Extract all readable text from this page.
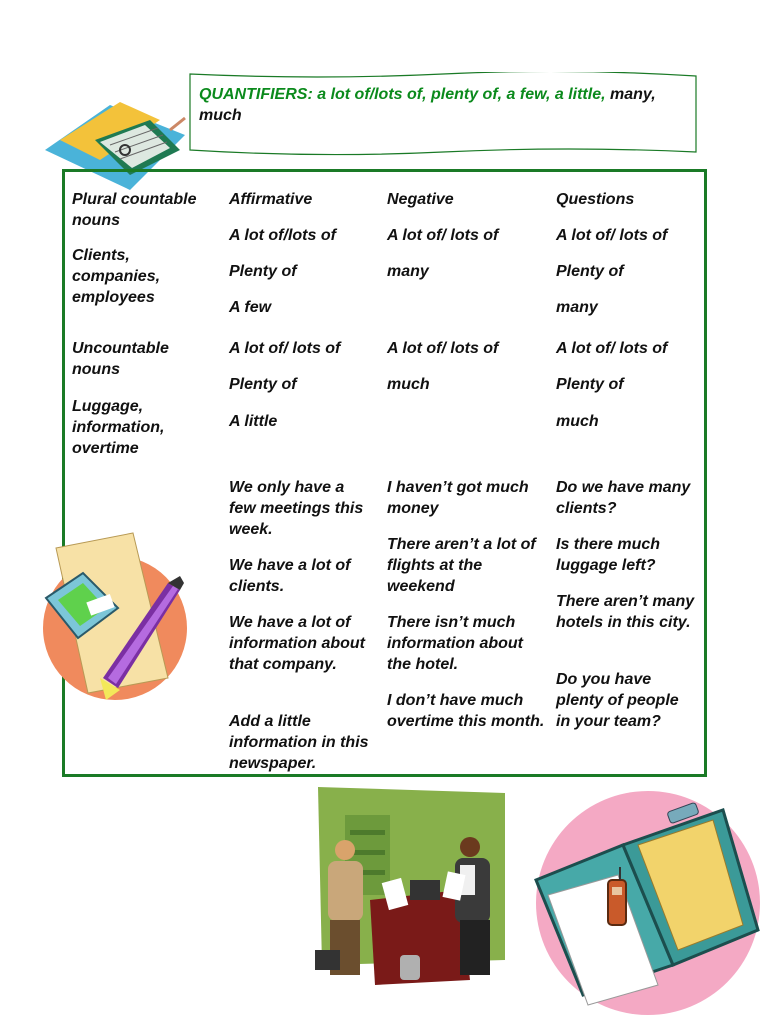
QUANTIFIERS: a lot of/lots of, plenty of, a few, a little, many, much

Plural countable nouns

Clients, companies, employees

Uncountable nouns

Luggage, information, overtime

Affirmative	Negative	Questions
A lot of/lots of
Plenty of
A few
A lot of/ lots of
many
A lot of/ lots of
Plenty of
many
A lot of/ lots of
Plenty of
A little
A lot of/ lots of
much
A lot of/ lots of
Plenty of
much
We only have a few meetings this week.
We have a lot of clients.
We have a lot of information about that company.
Add a little information in this newspaper.
I haven’t got much money
There aren’t a lot of flights at the weekend
There isn’t much information about the hotel.
I don’t have much overtime this month.
Do we have many clients?
Is there much luggage left?
There aren’t many hotels in this city.
Do you have plenty of people in your team?
